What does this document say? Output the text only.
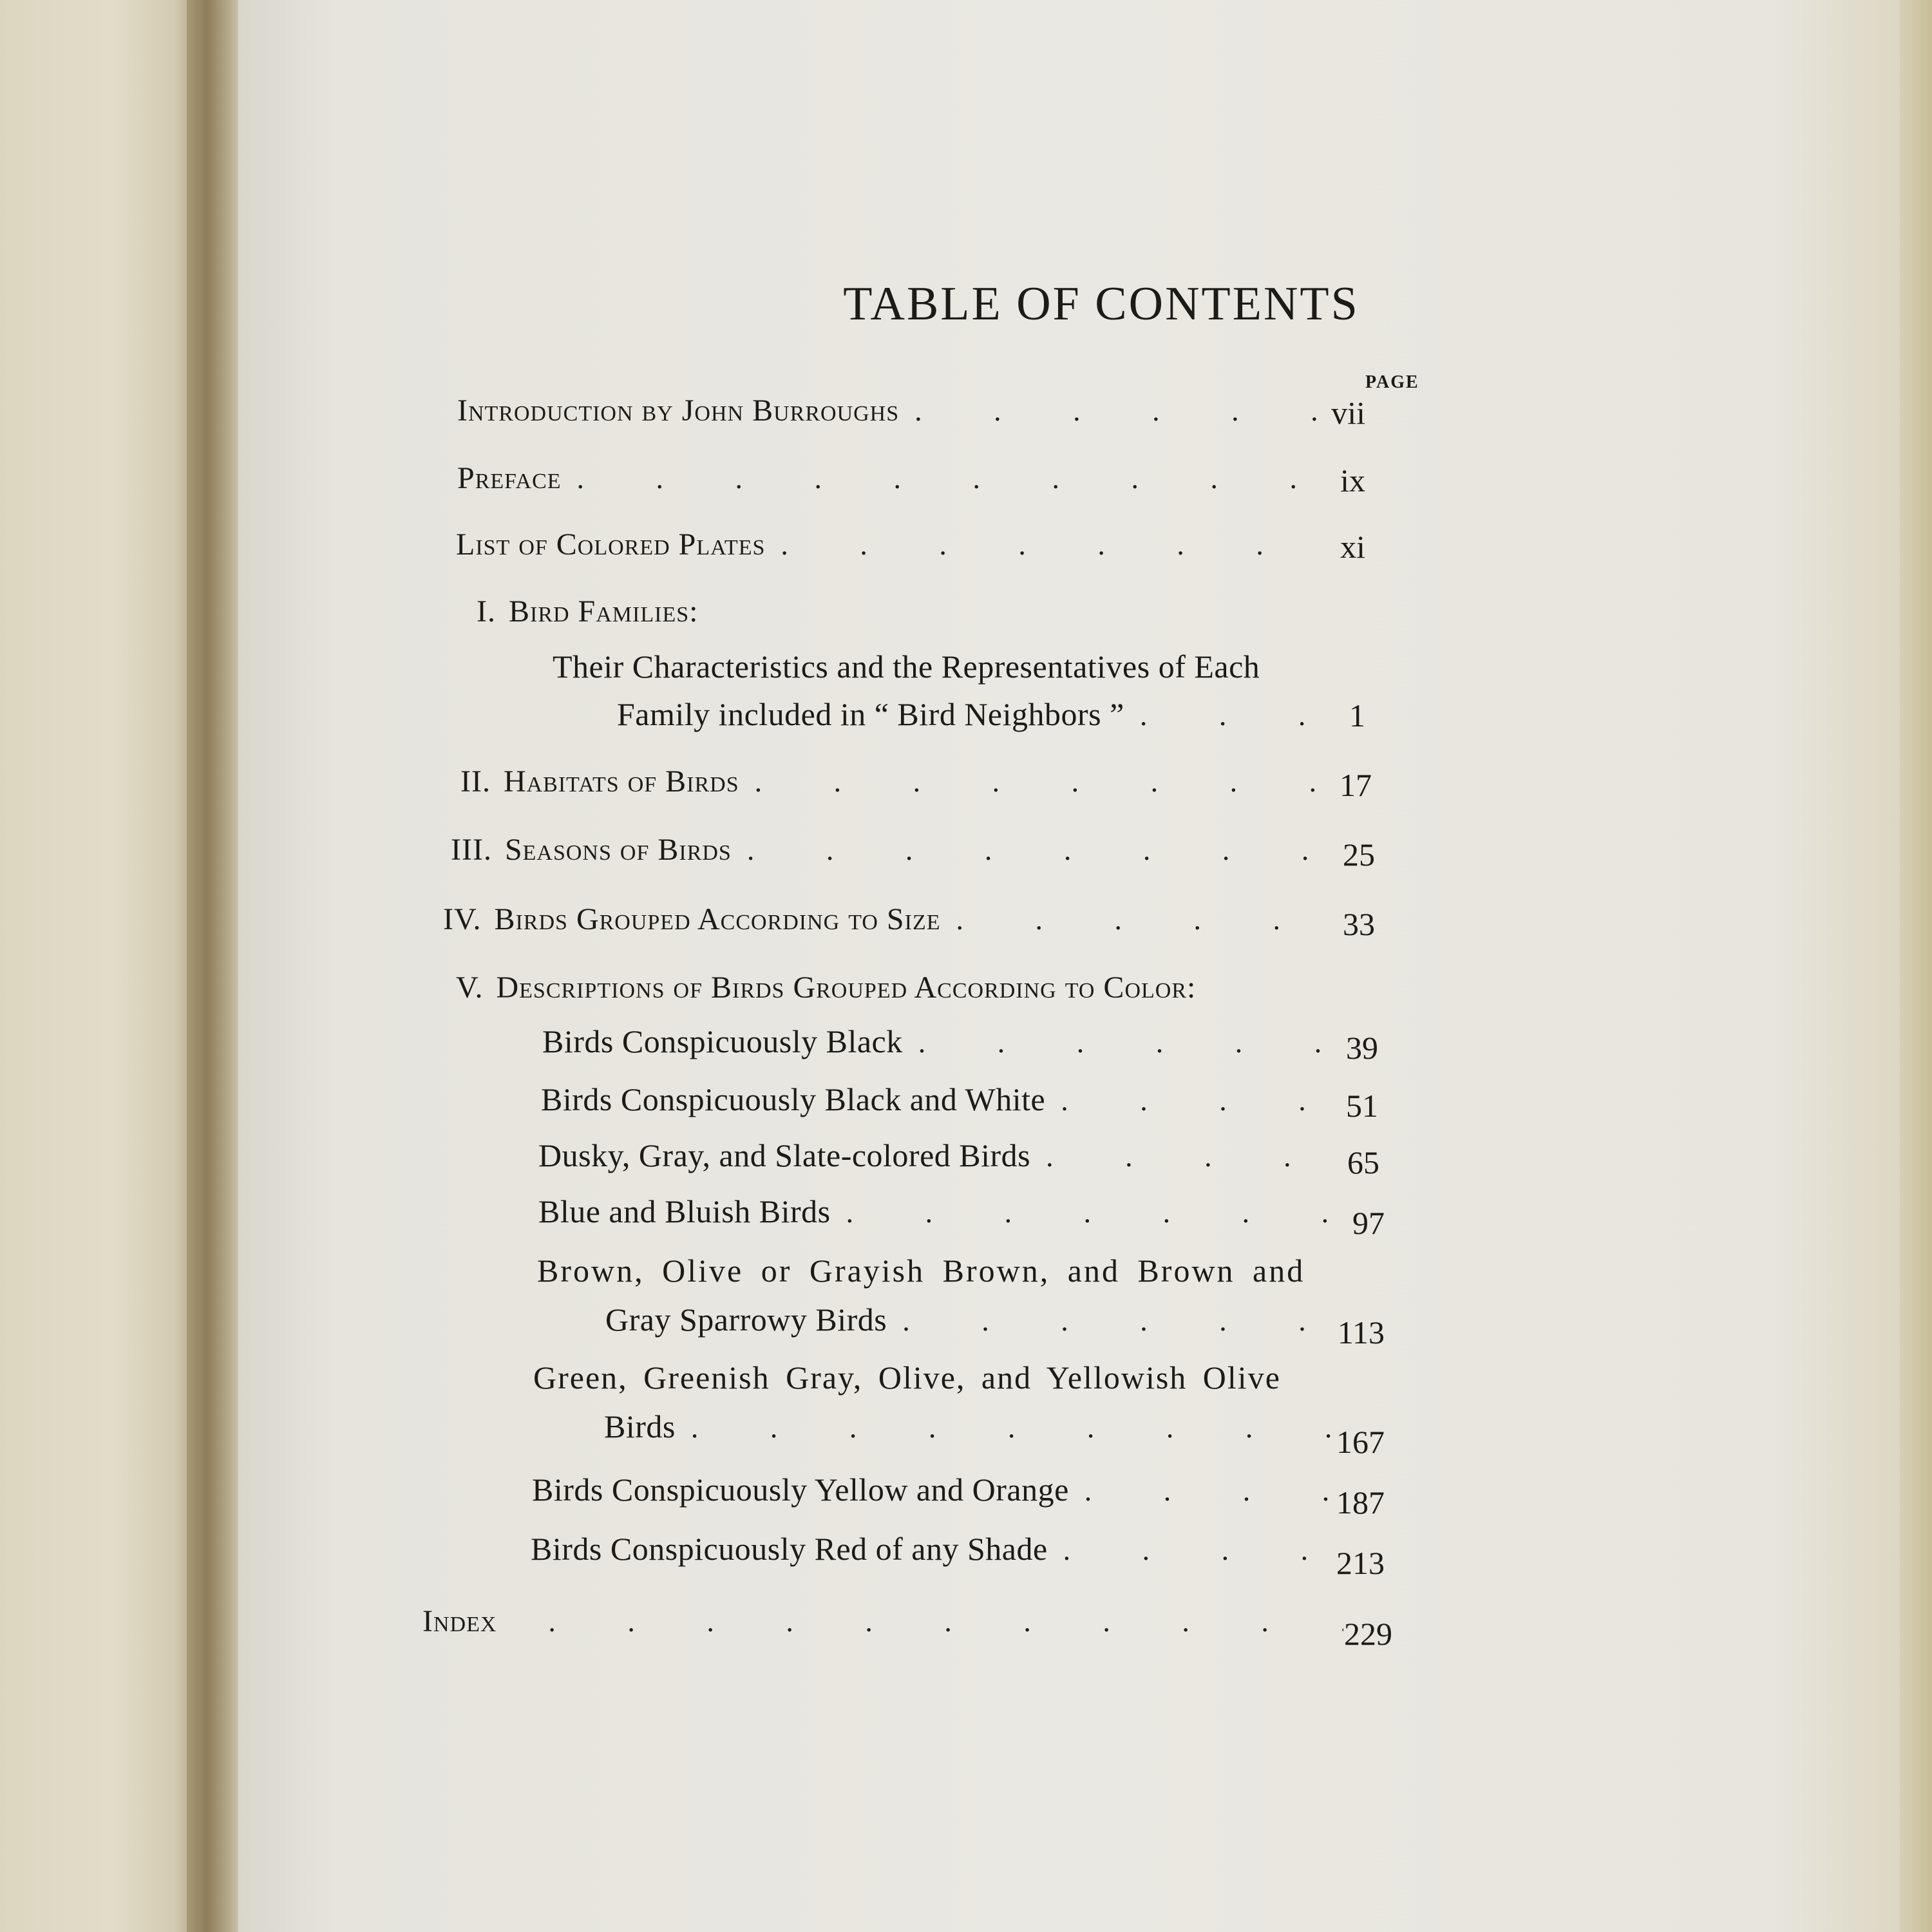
TABLE OF CONTENTS
PAGE
Introduction by John Burroughs . . .	vii
Preface . . .	ix
List of Colored Plates . . .	xi
I. Bird Families:
Their Characteristics and the Representatives of Each
Family included in “ Bird Neighbors ” . . .	1
II. Habitats of Birds . . .	17
III. Seasons of Birds . . .	25
IV. Birds Grouped According to Size . . .	33
V. Descriptions of Birds Grouped According to Color:
Birds Conspicuously Black . . .	39
Birds Conspicuously Black and White . . .	51
Dusky, Gray, and Slate-colored Birds . . .	65
Blue and Bluish Birds . . .	97
Brown, Olive or Grayish Brown, and Brown and
Gray Sparrowy Birds . . .	113
Green, Greenish Gray, Olive, and Yellowish Olive
Birds . . .	167
Birds Conspicuously Yellow and Orange . . .	187
Birds Conspicuously Red of any Shade . . .	213
Index . . .	229
